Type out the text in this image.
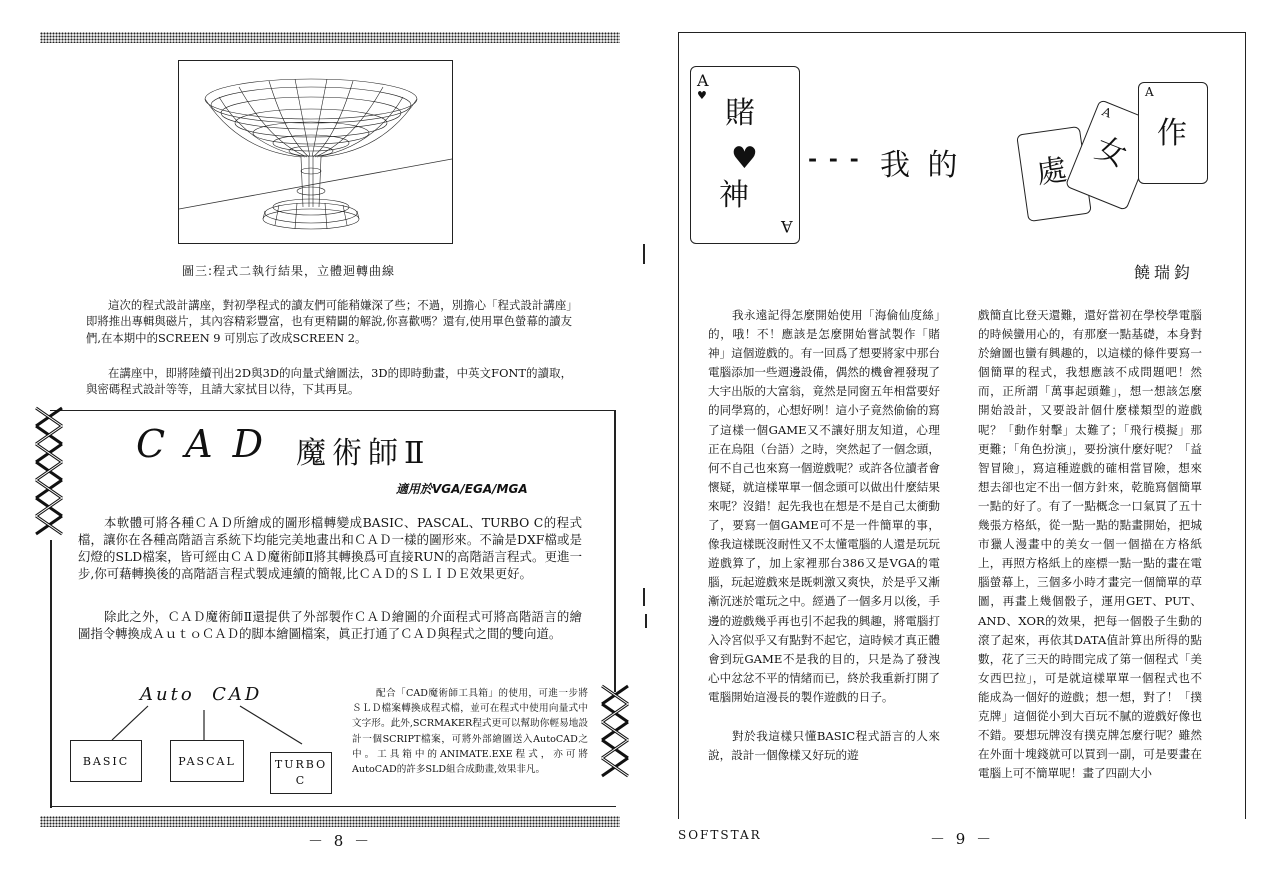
圖三:程式二執行結果，立體迴轉曲線

這次的程式設計講座，對初學程式的讀友們可能稍嫌深了些；不過，別擔心「程式設計講座」即將推出專輯與磁片，其內容精彩豐富，也有更精闢的解說,你喜歡嗎？還有,使用單色螢幕的讀友們,在本期中的SCREEN 9 可別忘了改成SCREEN 2。

在講座中，即將陸續刊出2D與3D的向量式繪圖法，3D的即時動畫，中英文FONT的讀取，與密碼程式設計等等，且請大家拭目以待，下其再見。

C A D 魔術師Ⅱ

適用於VGA/EGA/MGA

本軟體可將各種ＣＡＤ所繪成的圖形檔轉變成BASIC、PASCAL、TURBO C的程式檔，讓你在各種高階語言系統下均能完美地畫出和ＣＡＤ一樣的圖形來。不論是DXF檔或是幻燈的SLD檔案，皆可經由ＣＡＤ魔術師Ⅱ將其轉換爲可直接RUN的高階語言程式。更進一步,你可藉轉換後的高階語言程式製成連續的簡報,比ＣＡＤ的ＳＬＩＤＥ效果更好。

除此之外，ＣＡＤ魔術師Ⅱ還提供了外部製作ＣＡＤ繪圖的介面程式可將高階語言的繪圖指令轉換成ＡｕｔｏＣＡＤ的脚本繪圖檔案，眞正打通了ＣＡＤ與程式之間的雙向道。

Auto  CAD

BASIC	PASCAL	TURBO C

配合「CAD魔術師工具箱」的使用，可進一步將ＳＬＤ檔案轉換成程式檔，並可在程式中使用向量式中文字形。此外,SCRMAKER程式更可以幫助你輕易地設計一個SCRIPT檔案，可將外部繪圖送入AutoCAD之中。工具箱中的ANIMATE.EXE程式，亦可將AutoCAD的許多SLD組合成動畫,效果非凡。

－ 8 －

A
♥
賭
♥
神
A

- - - 我 的 處
A
女
A
作

饒瑞鈞

我永遠記得怎麼開始使用「海倫仙度絲」的，哦！不！應該是怎麼開始嘗試製作「賭神」這個遊戲的。有一回爲了想要將家中那台電腦添加一些週邊設備，偶然的機會裡發現了大宇出版的大富翁，竟然是同窗五年相當要好的同學寫的，心想好咧！這小子竟然偷偷的寫了這樣一個GAME又不讓好朋友知道，心理正在烏阻（台語）之時，突然起了一個念頭，何不自己也來寫一個遊戲呢？或許各位讀者會懷疑，就這樣單單一個念頭可以做出什麼結果來呢？沒錯！起先我也在想是不是自己太衝動了，要寫一個GAME可不是一件簡單的事，像我這樣既沒耐性又不太懂電腦的人還是玩玩遊戲算了，加上家裡那台386又是VGA的電腦，玩起遊戲來是既刺激又爽快，於是乎又漸漸沉迷於電玩之中。經過了一個多月以後，手邊的遊戲幾乎再也引不起我的興趣，將電腦打入冷宮似乎又有點對不起它，這時候才真正體會到玩GAME不是我的目的，只是為了發洩心中忿忿不平的情緒而已，終於我重新打開了電腦開始這漫長的製作遊戲的日子。

對於我這樣只懂BASIC程式語言的人來說，設計一個像樣又好玩的遊

戲簡直比登天還難，還好當初在學校學電腦的時候蠻用心的，有那麼一點基礎，本身對於繪圖也蠻有興趣的，以這樣的條件要寫一個簡單的程式，我想應該不成問題吧！然而，正所謂「萬事起頭難」，想一想該怎麼開始設計，又要設計個什麼樣類型的遊戲呢？「動作射擊」太難了；「飛行模擬」那更難；「角色扮演」，要扮演什麼好呢？「益智冒險」，寫這種遊戲的確相當冒險，想來想去卻也定不出一個方針來，乾脆寫個簡單一點的好了。有了一點概念一口氣買了五十幾張方格紙，從一點一點的點畫開始，把城市獵人漫畫中的美女一個一個描在方格紙上，再照方格紙上的座標一點一點的畫在電腦螢幕上，三個多小時才畫完一個簡單的草圖，再畫上幾個骰子，運用GET、PUT、AND、XOR的效果，把每一個骰子生動的滾了起來，再依其DATA值計算出所得的點數，花了三天的時間完成了第一個程式「美女西巴拉」，可是就這樣單單一個程式也不能成為一個好的遊戲；想一想，對了！「撲克牌」這個從小到大百玩不膩的遊戲好像也不錯。要想玩牌沒有撲克牌怎麼行呢？雖然在外面十塊錢就可以買到一副，可是要畫在電腦上可不簡單呢！畫了四副大小

SOFTSTAR	－ 9 －
